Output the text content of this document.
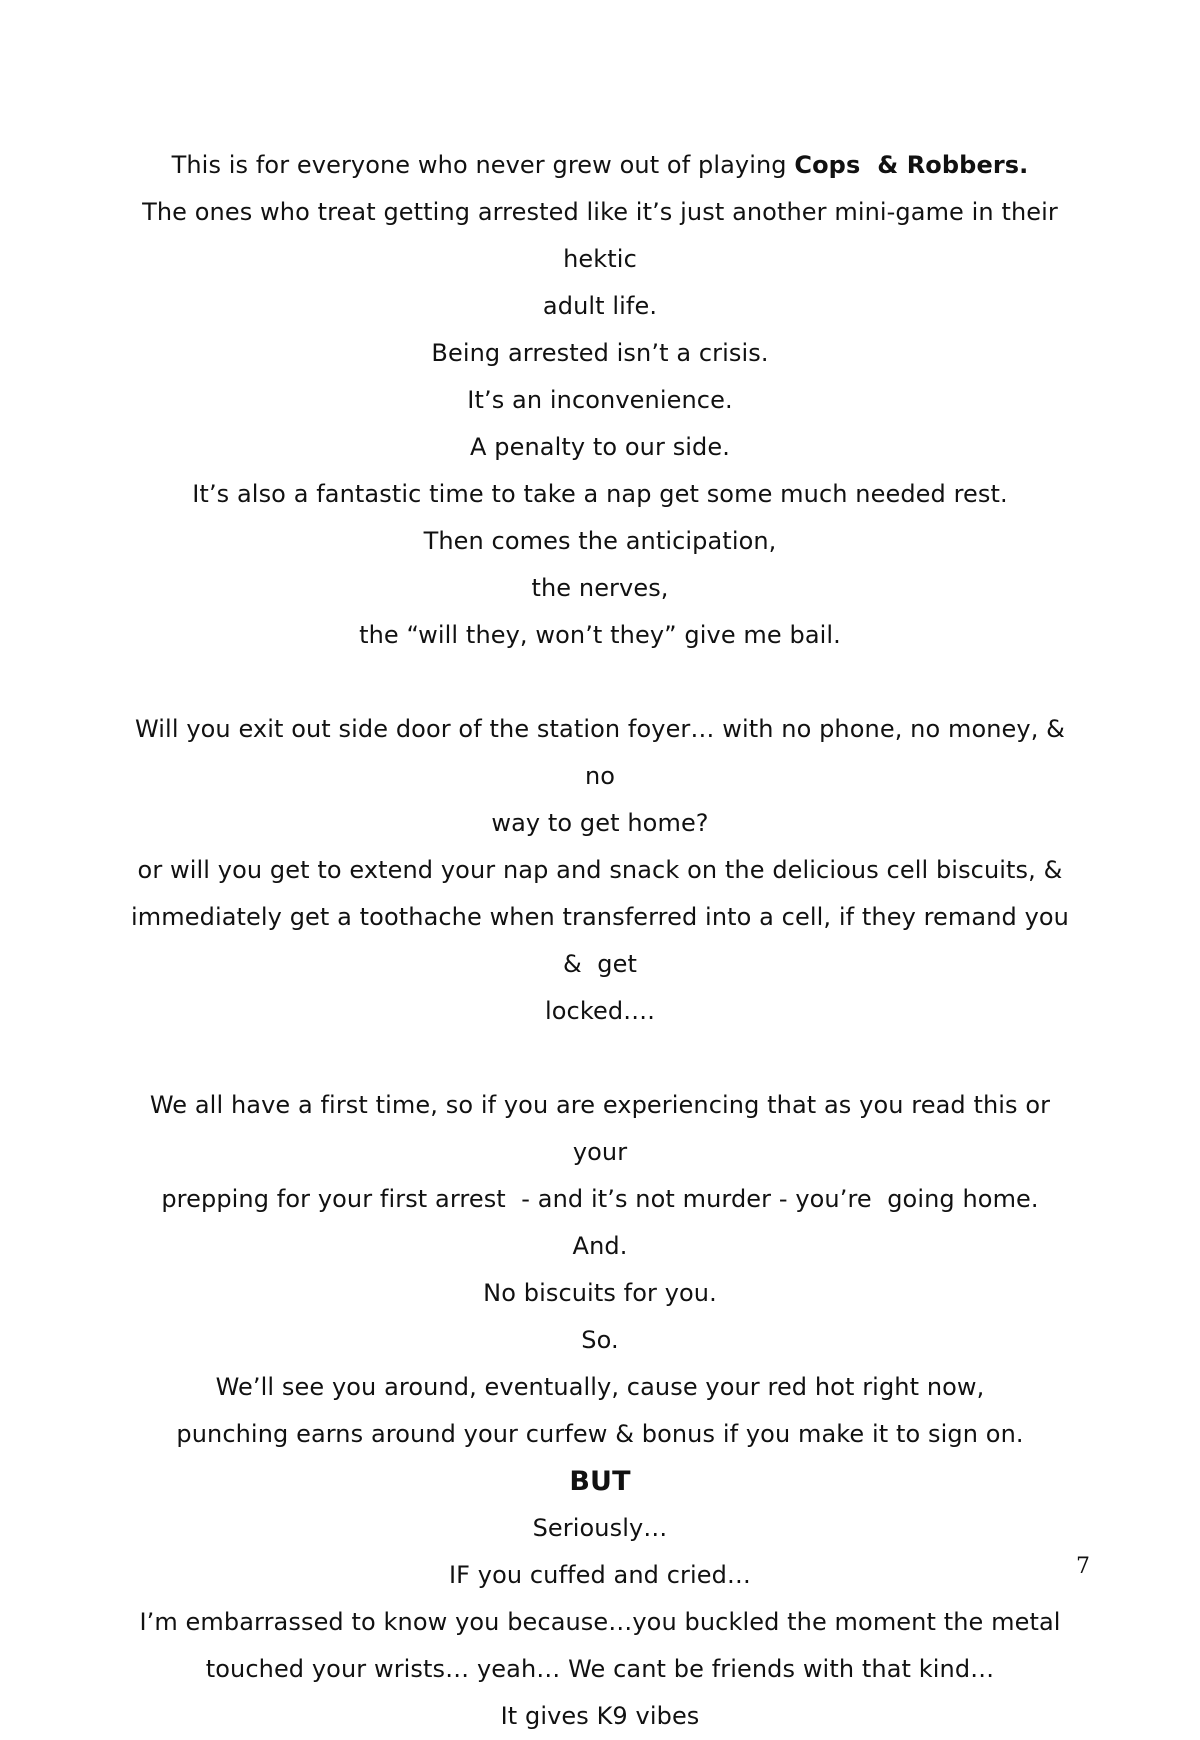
This is for everyone who never grew out of playing Cops  & Robbers.
The ones who treat getting arrested like it’s just another mini-game in their hektic
adult life.
Being arrested isn’t a crisis.
It’s an inconvenience.
A penalty to our side.
It’s also a fantastic time to take a nap get some much needed rest.
Then comes the anticipation,
the nerves,
the “will they, won’t they” give me bail.
Will you exit out side door of the station foyer… with no phone, no money, & no
way to get home?
or will you get to extend your nap and snack on the delicious cell biscuits, &
immediately get a toothache when transferred into a cell, if they remand you &  get
locked….
We all have a first time, so if you are experiencing that as you read this or your
prepping for your first arrest  - and it’s not murder - you’re  going home.
And.
No biscuits for you.
So.
We’ll see you around, eventually, cause your red hot right now,
punching earns around your curfew & bonus if you make it to sign on.
BUT
Seriously…
IF you cuffed and cried…
I’m embarrassed to know you because…you buckled the moment the metal
touched your wrists… yeah… We cant be friends with that kind…
It gives K9 vibes
7
